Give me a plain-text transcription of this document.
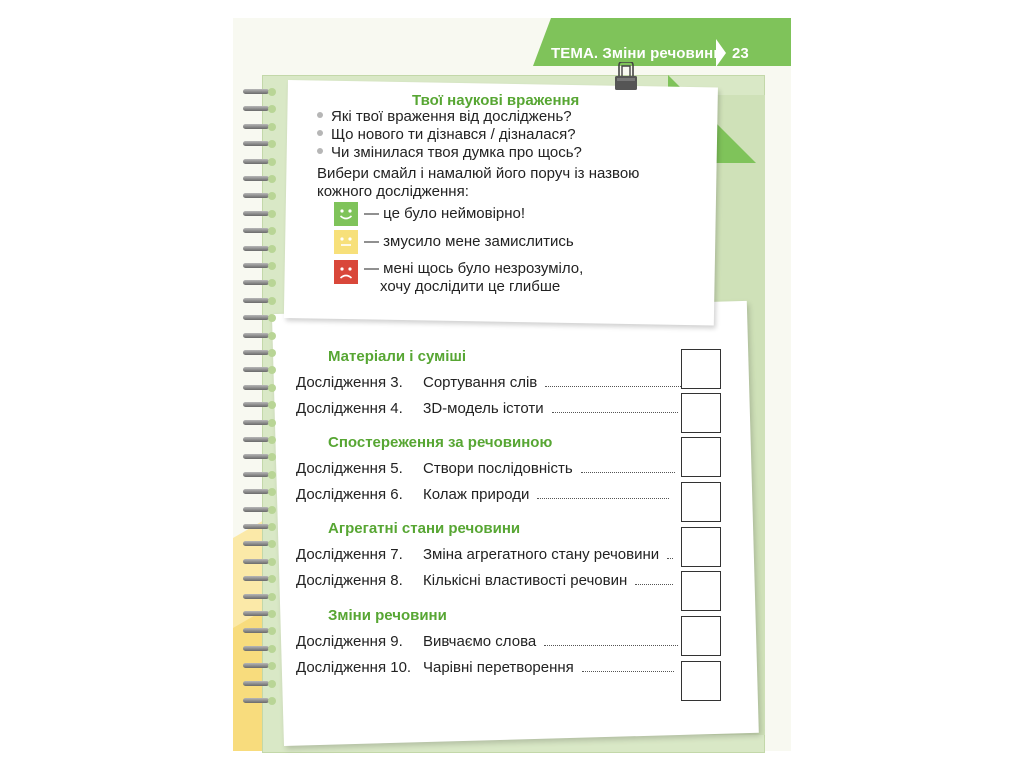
ТЕМА. Зміни речовини 23
Твої наукові враження
Які твої враження від досліджень?
Що нового ти дізнався / дізналася?
Чи змінилася твоя думка про щось?
Вибери смайл і намалюй його поруч із назвою
кожного дослідження:
— це було неймовірно!
— змусило мене замислитись
— мені щось було незрозуміло,
хочу дослідити це глибше
Матеріали і суміші
Дослідження 3. Сортування слів
Дослідження 4. 3D-модель істоти
Спостереження за речовиною
Дослідження 5. Створи послідовність
Дослідження 6. Колаж природи
Агрегатні стани речовини
Дослідження 7. Зміна агрегатного стану речовини
Дослідження 8. Кількісні властивості речовин
Зміни речовини
Дослідження 9. Вивчаємо слова
Дослідження 10. Чарівні перетворення
